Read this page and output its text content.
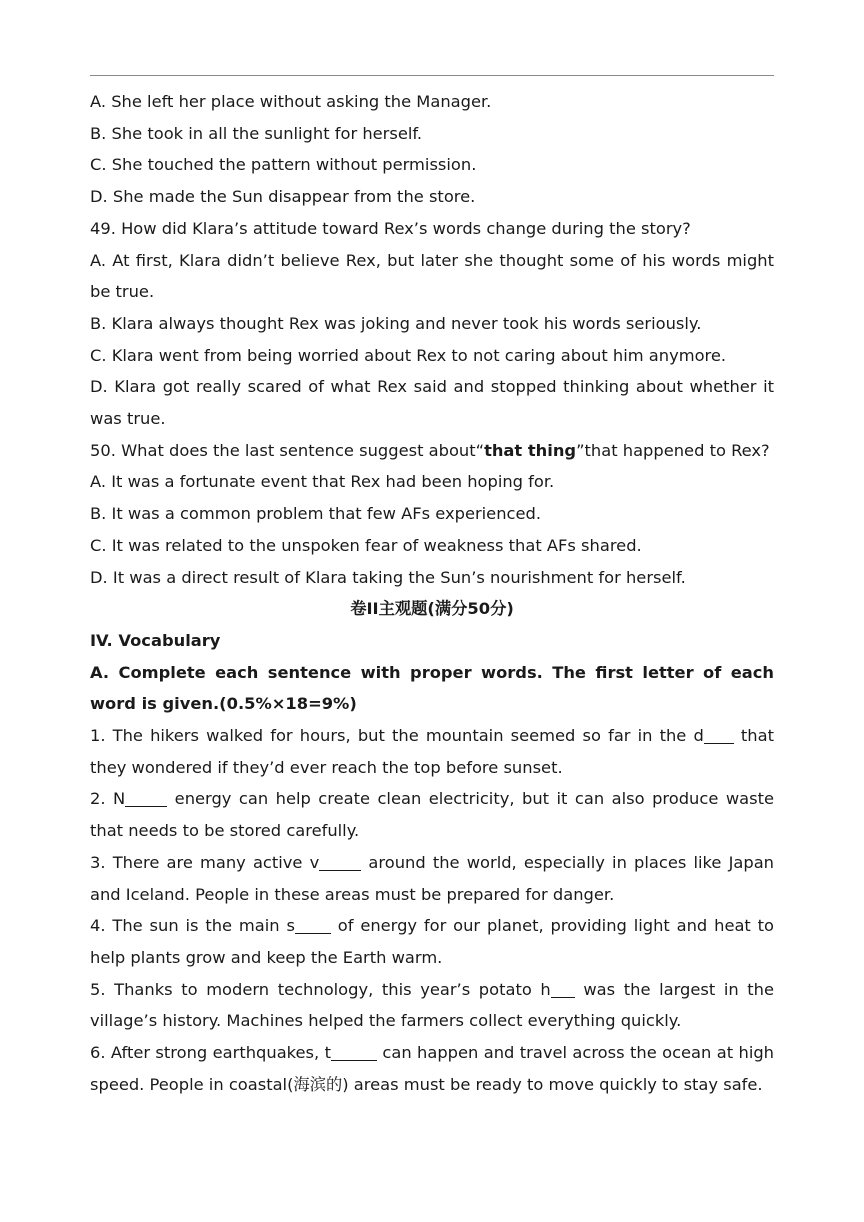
A. She left her place without asking the Manager.

B. She took in all the sunlight for herself.

C. She touched the pattern without permission.

D. She made the Sun disappear from the store.

49. How did Klara’s attitude toward Rex’s words change during the story?

A. At first, Klara didn’t believe Rex, but later she thought some of his words might be true.

B. Klara always thought Rex was joking and never took his words seriously.

C. Klara went from being worried about Rex to not caring about him anymore.

D. Klara got really scared of what Rex said and stopped thinking about whether it was true.

50. What does the last sentence suggest about“that thing”that happened to Rex?

A. It was a fortunate event that Rex had been hoping for.

B. It was a common problem that few AFs experienced.

C. It was related to the unspoken fear of weakness that AFs shared.

D. It was a direct result of Klara taking the Sun’s nourishment for herself.

卷II主观题(满分50分)

IV. Vocabulary

A. Complete each sentence with proper words. The first letter of each word is given.(0.5%×18=9%)

1. The hikers walked for hours, but the mountain seemed so far in the d that they wondered if they’d ever reach the top before sunset.

2. N	energy can help create clean electricity, but it can also produce waste that needs to be stored carefully.

3. There are many active v	around the world, especially in places like Japan and Iceland. People in these areas must be prepared for danger.

4. The sun is the main s of energy for our planet, providing light and heat to help plants grow and keep the Earth warm.

5. Thanks to modern technology, this year’s potato h was the largest in the village’s history. Machines helped the farmers collect everything quickly.

6. After strong earthquakes, t	can happen and travel across the ocean at high speed. People in coastal(海滨的) areas must be ready to move quickly to stay safe.
